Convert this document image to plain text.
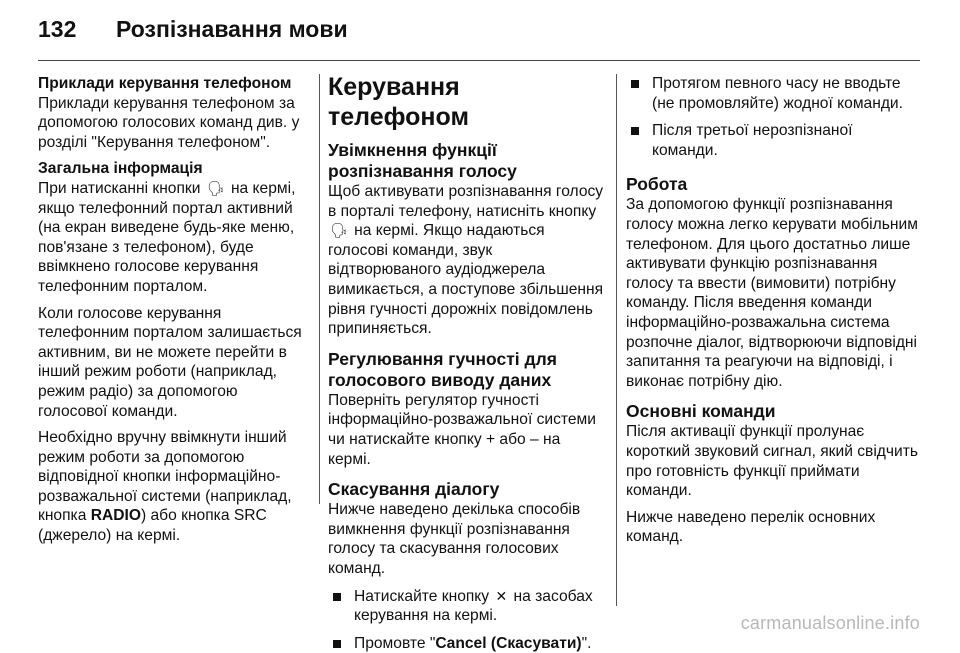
132 Розпізнавання мови
Приклади керування телефоном

Приклади керування телефоном за допомогою голосових команд див. у розділі "Керування телефоном".

Загальна інформація

При натисканні кнопки 🗣︎ на кермі, якщо телефонний портал активний (на екран виведене будь-яке меню, пов'язане з телефоном), буде ввімкнено голосове керування телефонним порталом.

Коли голосове керування телефонним порталом залишається активним, ви не можете перейти в інший режим роботи (наприклад, режим радіо) за допомогою голосової команди.

Необхідно вручну ввімкнути інший режим роботи за допомогою відповідної кнопки інформаційно-розважальної системи (наприклад, кнопка RADIO) або кнопка SRC (джерело) на кермі.

Керування телефоном
Увімкнення функції розпізнавання голосу

Щоб активувати розпізнавання голосу в порталі телефону, натисніть кнопку 🗣︎ на кермі. Якщо надаються голосові команди, звук відтворюваного аудіоджерела вимикається, а поступове збільшення рівня гучності дорожніх повідомлень припиняється.

Регулювання гучності для голосового виводу даних

Поверніть регулятор гучності інформаційно-розважальної системи чи натискайте кнопку + або – на кермі.

Скасування діалогу

Нижче наведено декілька способів вимкнення функції розпізнавання голосу та скасування голосових команд.

Натискайте кнопку ✕ на засобах керування на кермі.
Промовте "Cancel (Скасувати)".
Протягом певного часу не вводьте (не промовляйте) жодної команди.
Після третьої нерозпізнаної команди.
Робота

За допомогою функції розпізнавання голосу можна легко керувати мобільним телефоном. Для цього достатньо лише активувати функцію розпізнавання голосу та ввести (вимовити) потрібну команду. Після введення команди інформаційно-розважальна система розпочне діалог, відтворюючи відповідні запитання та реагуючи на відповіді, і виконає потрібну дію.

Основні команди

Після активації функції пролунає короткий звуковий сигнал, який свідчить про готовність функції приймати команди.

Нижче наведено перелік основних команд.

carmanualsonline.info
